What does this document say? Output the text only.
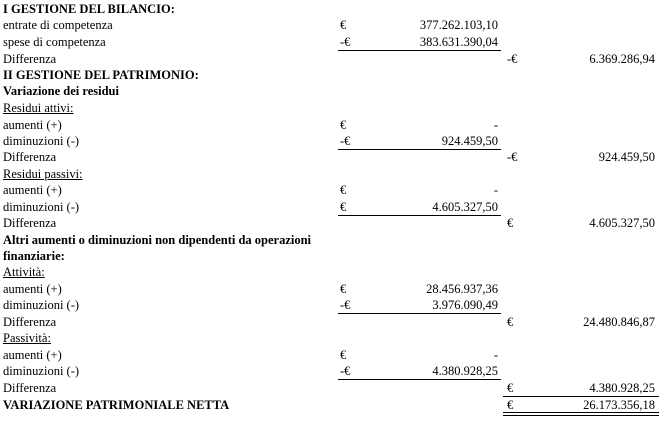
I GESTIONE DEL BILANCIO:
entrate di competenza	€	377.262.103,10
spese di competenza	-€	383.631.390,04
Differenza	-€	6.369.286,94
II GESTIONE DEL PATRIMONIO:
Variazione dei residui
Residui attivi:
aumenti (+)	€	-
diminuzioni (-)	-€	924.459,50
Differenza	-€	924.459,50
Residui passivi:
aumenti (+)	€	-
diminuzioni (-)	€	4.605.327,50
Differenza	€	4.605.327,50
Altri aumenti o diminuzioni non dipendenti da operazioni
finanziarie:
Attività:
aumenti (+)	€	28.456.937,36
diminuzioni (-)	-€	3.976.090,49
Differenza	€	24.480.846,87
Passività:
aumenti (+)	€	-
diminuzioni (-)	-€	4.380.928,25
Differenza	€	4.380.928,25
VARIAZIONE PATRIMONIALE NETTA	€	26.173.356,18
